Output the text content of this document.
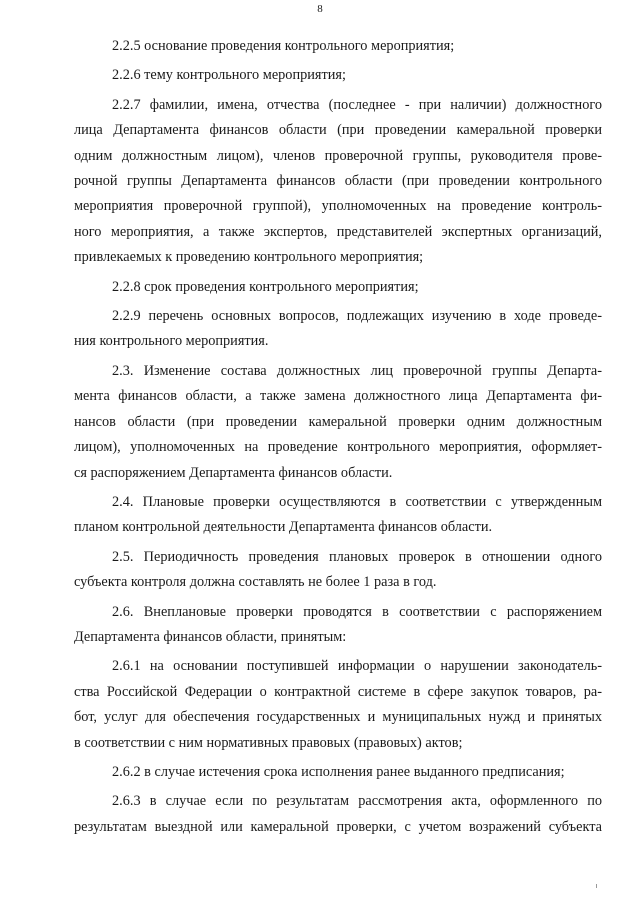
8
2.2.5 основание проведения контрольного мероприятия;
2.2.6 тему контрольного мероприятия;
2.2.7 фамилии, имена, отчества (последнее - при наличии) должностного
лица Департамента финансов области (при проведении камеральной проверки
одним должностным лицом), членов проверочной группы, руководителя прове-
рочной группы Департамента финансов области (при проведении контрольного
мероприятия проверочной группой), уполномоченных на проведение контроль-
ного мероприятия, а также экспертов, представителей экспертных организаций,
привлекаемых к проведению контрольного мероприятия;
2.2.8 срок проведения контрольного мероприятия;
2.2.9 перечень основных вопросов, подлежащих изучению в ходе проведе-
ния контрольного мероприятия.
2.3. Изменение состава должностных лиц проверочной группы Департа-
мента финансов области, а также замена должностного лица Департамента фи-
нансов области (при проведении камеральной проверки одним должностным
лицом), уполномоченных на проведение контрольного мероприятия, оформляет-
ся распоряжением Департамента финансов области.
2.4. Плановые проверки осуществляются в соответствии с утвержденным
планом контрольной деятельности Департамента финансов области.
2.5. Периодичность проведения плановых проверок в отношении одного
субъекта контроля должна составлять не более 1 раза в год.
2.6. Внеплановые проверки проводятся в соответствии с распоряжением
Департамента финансов области, принятым:
2.6.1 на основании поступившей информации о нарушении законодатель-
ства Российской Федерации о контрактной системе в сфере закупок товаров, ра-
бот, услуг для обеспечения государственных и муниципальных нужд и принятых
в соответствии с ним нормативных правовых (правовых) актов;
2.6.2 в случае истечения срока исполнения ранее выданного предписания;
2.6.3 в случае если по результатам рассмотрения акта, оформленного по
результатам выездной или камеральной проверки, с учетом возражений субъекта
